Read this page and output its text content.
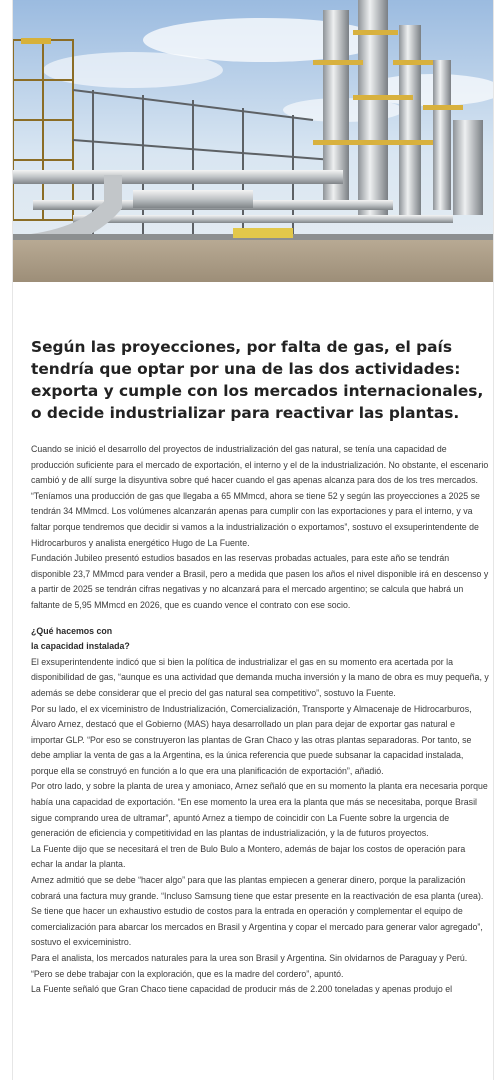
Según las proyecciones, por falta de gas, el país tendría que optar por una de las dos actividades: exporta y cumple con los mercados internacionales, o decide industrializar para reactivar las plantas.

Cuando se inició el desarrollo del proyectos de industrialización del gas natural, se tenía una capacidad de producción suficiente para el mercado de exportación, el interno y el de la industrialización. No obstante, el escenario cambió y de allí surge la disyuntiva sobre qué hacer cuando el gas apenas alcanza para dos de los tres mercados.

“Teníamos una producción de gas que llegaba a 65 MMmcd, ahora se tiene 52 y según las proyecciones a 2025 se tendrán 34 MMmcd. Los volúmenes alcanzarán apenas para cumplir con las exportaciones y para el interno, y va faltar porque tendremos que decidir si vamos a la industrialización o exportamos”, sostuvo el exsuperintendente de Hidrocarburos y analista energético Hugo de La Fuente.

Fundación Jubileo presentó estudios basados en las reservas probadas actuales, para este año se tendrán disponible 23,7 MMmcd para vender a Brasil, pero a medida que pasen los años el nivel disponible irá en descenso y a partir de 2025 se tendrán cifras negativas y no alcanzará para el mercado argentino; se calcula que habrá un faltante de 5,95 MMmcd en 2026, que es cuando vence el contrato con ese socio.

¿Qué hacemos con
la capacidad instalada?

El exsuperintendente indicó que si bien la política de industrializar el gas en su momento era acertada por la disponibilidad de gas, “aunque es una actividad que demanda mucha inversión y la mano de obra es muy pequeña, y además se debe considerar que el precio del gas natural sea competitivo”, sostuvo la Fuente.

Por su lado, el ex viceministro de Industrialización, Comercialización, Transporte y Almacenaje de Hidrocarburos, Álvaro Arnez, destacó que el Gobierno (MAS) haya desarrollado un plan para dejar de exportar gas natural e importar GLP. “Por eso se construyeron las plantas de Gran Chaco y las otras plantas separadoras. Por tanto, se debe ampliar la venta de gas a la Argentina, es la única referencia que puede subsanar la capacidad instalada, porque ella se construyó en función a lo que era una planificación de exportación”, añadió.

Por otro lado, y sobre la planta de urea y amoniaco, Arnez señaló que en su momento la planta era necesaria porque había una capacidad de exportación. “En ese momento la urea era la planta que más se necesitaba, porque Brasil sigue comprando urea de ultramar”, apuntó Arnez a tiempo de coincidir con La Fuente sobre la urgencia de generación de eficiencia y competitividad en las plantas de industrialización, y la de futuros proyectos.

La Fuente dijo que se necesitará el tren de Bulo Bulo a Montero, además de bajar los costos de operación para echar la andar la planta.

Arnez admitió que se debe “hacer algo” para que las plantas empiecen a generar dinero, porque la paralización cobrará una factura muy grande. “Incluso Samsung tiene que estar presente en la reactivación de esa planta (urea). Se tiene que hacer un exhaustivo estudio de costos para la entrada en operación y complementar el equipo de comercialización para abarcar los mercados en Brasil y Argentina y copar el mercado para generar valor agregado”, sostuvo el exviceministro.

Para el analista, los mercados naturales para la urea son Brasil y Argentina. Sin olvidarnos de Paraguay y Perú. “Pero se debe trabajar con la exploración, que es la madre del cordero”, apuntó.

La Fuente señaló que Gran Chaco tiene capacidad de producir más de 2.200 toneladas y apenas produjo el
